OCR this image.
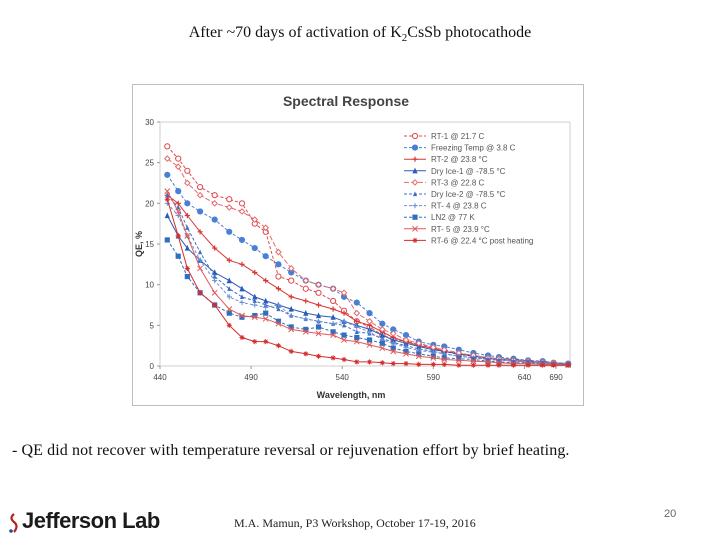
After ~70 days of activation of $K_2CsSb$ photocathode
Spectral Response
0
5
10
15
20
25
30
440	490	540	590	640 690
Wavelength, nm
QE, %
RT-1 @ 21.7 C
Freezing Temp @ 3.8 C
RT-2 @ 23.8 °C
Dry Ice-1 @ -78.5 °C
RT-3 @ 22.8 C
Dry Ice-2 @ -78.5 °C
RT- 4 @ 23.8 C
LN2 @ 77 K
RT- 5 @ 23.9 °C
RT-6 @ 22.4 °C post heating
- QE did not recover with temperature reversal or rejuvenation effort by brief heating.
Jefferson Lab	M.A. Mamun, P3 Workshop, October 17-19, 2016
20
